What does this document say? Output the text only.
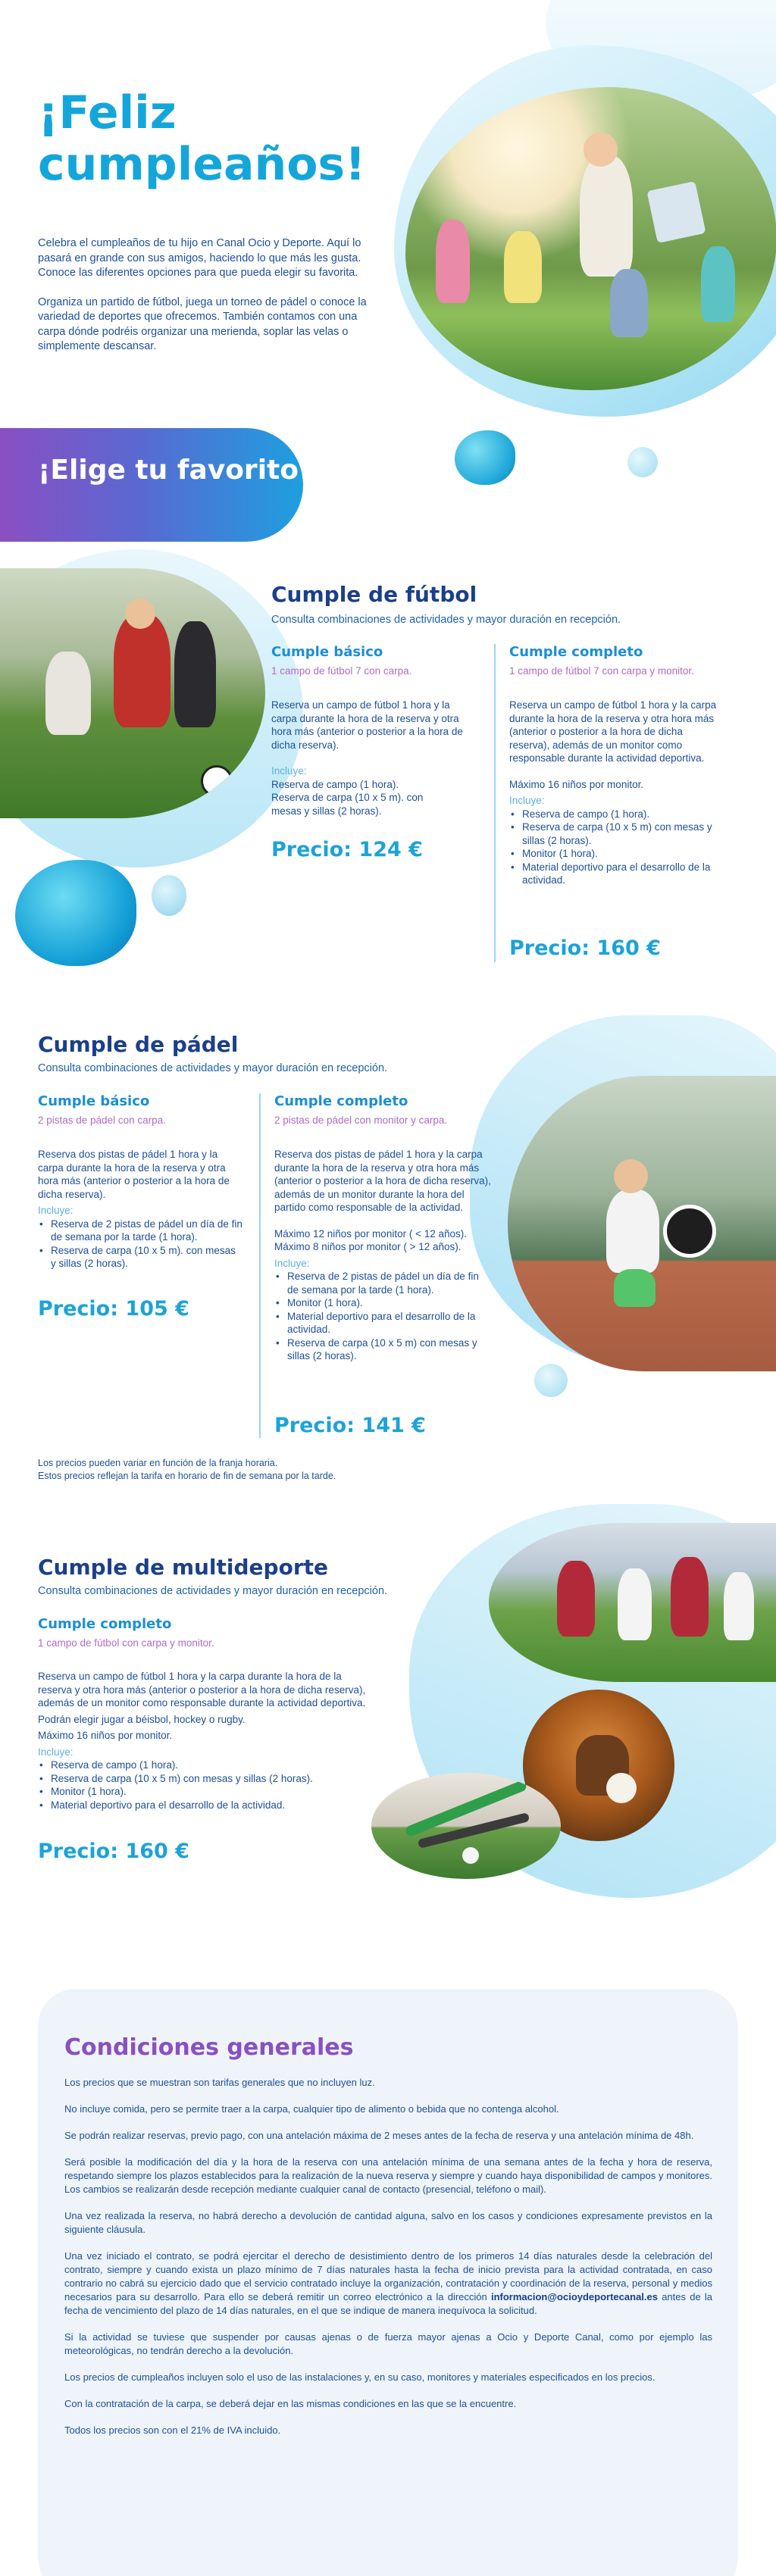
¡Feliz cumpleaños!

Celebra el cumpleaños de tu hijo en Canal Ocio y Deporte. Aquí lo pasará en grande con sus amigos, haciendo lo que más les gusta. Conoce las diferentes opciones para que pueda elegir su favorita.

Organiza un partido de fútbol, juega un torneo de pádel o conoce la variedad de deportes que ofrecemos. También contamos con una carpa dónde podréis organizar una merienda, soplar las velas o simplemente descansar.

¡Elige tu favorito!
Cumple de fútbol
Consulta combinaciones de actividades y mayor duración en recepción.
Cumple básico
1 campo de fútbol 7 con carpa.

Reserva un campo de fútbol 1 hora y la carpa durante la hora de la reserva y otra hora más (anterior o posterior a la hora de dicha reserva).

Incluye:
Reserva de campo (1 hora). Reserva de carpa (10 x 5 m). con mesas y sillas (2 horas).
Precio: 124 €
Cumple completo
1 campo de fútbol 7 con carpa y monitor.

Reserva un campo de fútbol 1 hora y la carpa durante la hora de la reserva y otra hora más (anterior o posterior a la hora de dicha reserva), además de un monitor como responsable durante la actividad deportiva.

Máximo 16 niños por monitor.

Incluye:
• Reserva de campo (1 hora).
• Reserva de carpa (10 x 5 m) con mesas y sillas (2 horas).
• Monitor (1 hora).
• Material deportivo para el desarrollo de la actividad.
Precio: 160 €
Cumple de pádel
Consulta combinaciones de actividades y mayor duración en recepción.
Cumple básico
2 pistas de pádel con carpa.

Reserva dos pistas de pádel 1 hora y la carpa durante la hora de la reserva y otra hora más (anterior o posterior a la hora de dicha reserva).

Incluye:
• Reserva de 2 pistas de pádel un día de fin de semana por la tarde (1 hora).
• Reserva de carpa (10 x 5 m). con mesas y sillas (2 horas).
Precio: 105 €
Cumple completo
2 pistas de pádel con monitor y carpa.

Reserva dos pistas de pádel 1 hora y la carpa durante la hora de la reserva y otra hora más (anterior o posterior a la hora de dicha reserva), además de un monitor durante la hora del partido como responsable de la actividad.

Máximo 12 niños por monitor ( < 12 años). Máximo 8 niños por monitor ( > 12 años).

Incluye:
• Reserva de 2 pistas de pádel un día de fin de semana por la tarde (1 hora).
• Monitor (1 hora).
• Material deportivo para el desarrollo de la actividad.
• Reserva de carpa (10 x 5 m) con mesas y sillas (2 horas).
Precio: 141 €
Los precios pueden variar en función de la franja horaria.
Estos precios reflejan la tarifa en horario de fin de semana por la tarde.
Cumple de multideporte
Consulta combinaciones de actividades y mayor duración en recepción.
Cumple completo
1 campo de fútbol con carpa y monitor.

Reserva un campo de fútbol 1 hora y la carpa durante la hora de la reserva y otra hora más (anterior o posterior a la hora de dicha reserva), además de un monitor como responsable durante la actividad deportiva.

Podrán elegir jugar a béisbol, hockey o rugby.

Máximo 16 niños por monitor.

Incluye:
• Reserva de campo (1 hora).
• Reserva de carpa (10 x 5 m) con mesas y sillas (2 horas).
• Monitor (1 hora).
• Material deportivo para el desarrollo de la actividad.
Precio: 160 €
Condiciones generales

Los precios que se muestran son tarifas generales que no incluyen luz.

No incluye comida, pero se permite traer a la carpa, cualquier tipo de alimento o bebida que no contenga alcohol.

Se podrán realizar reservas, previo pago, con una antelación máxima de 2 meses antes de la fecha de reserva y una antelación mínima de 48h.

Será posible la modificación del día y la hora de la reserva con una antelación mínima de una semana antes de la fecha y hora de reserva, respetando siempre los plazos establecidos para la realización de la nueva reserva y siempre y cuando haya disponibilidad de campos y monitores. Los cambios se realizarán desde recepción mediante cualquier canal de contacto (presencial, teléfono o mail).

Una vez realizada la reserva, no habrá derecho a devolución de cantidad alguna, salvo en los casos y condiciones expresamente previstos en la siguiente cláusula.

Una vez iniciado el contrato, se podrá ejercitar el derecho de desistimiento dentro de los primeros 14 días naturales desde la celebración del contrato, siempre y cuando exista un plazo mínimo de 7 días naturales hasta la fecha de inicio prevista para la actividad contratada, en caso contrario no cabrá su ejercicio dado que el servicio contratado incluye la organización, contratación y coordinación de la reserva, personal y medios necesarios para su desarrollo. Para ello se deberá remitir un correo electrónico a la dirección informacion@ocioydeportecanal.es antes de la fecha de vencimiento del plazo de 14 días naturales, en el que se indique de manera inequívoca la solicitud.

Si la actividad se tuviese que suspender por causas ajenas o de fuerza mayor ajenas a Ocio y Deporte Canal, como por ejemplo las meteorológicas, no tendrán derecho a la devolución.

Los precios de cumpleaños incluyen solo el uso de las instalaciones y, en su caso, monitores y materiales especificados en los precios.

Con la contratación de la carpa, se deberá dejar en las mismas condiciones en las que se la encuentre.

Todos los precios son con el 21% de IVA incluido.
